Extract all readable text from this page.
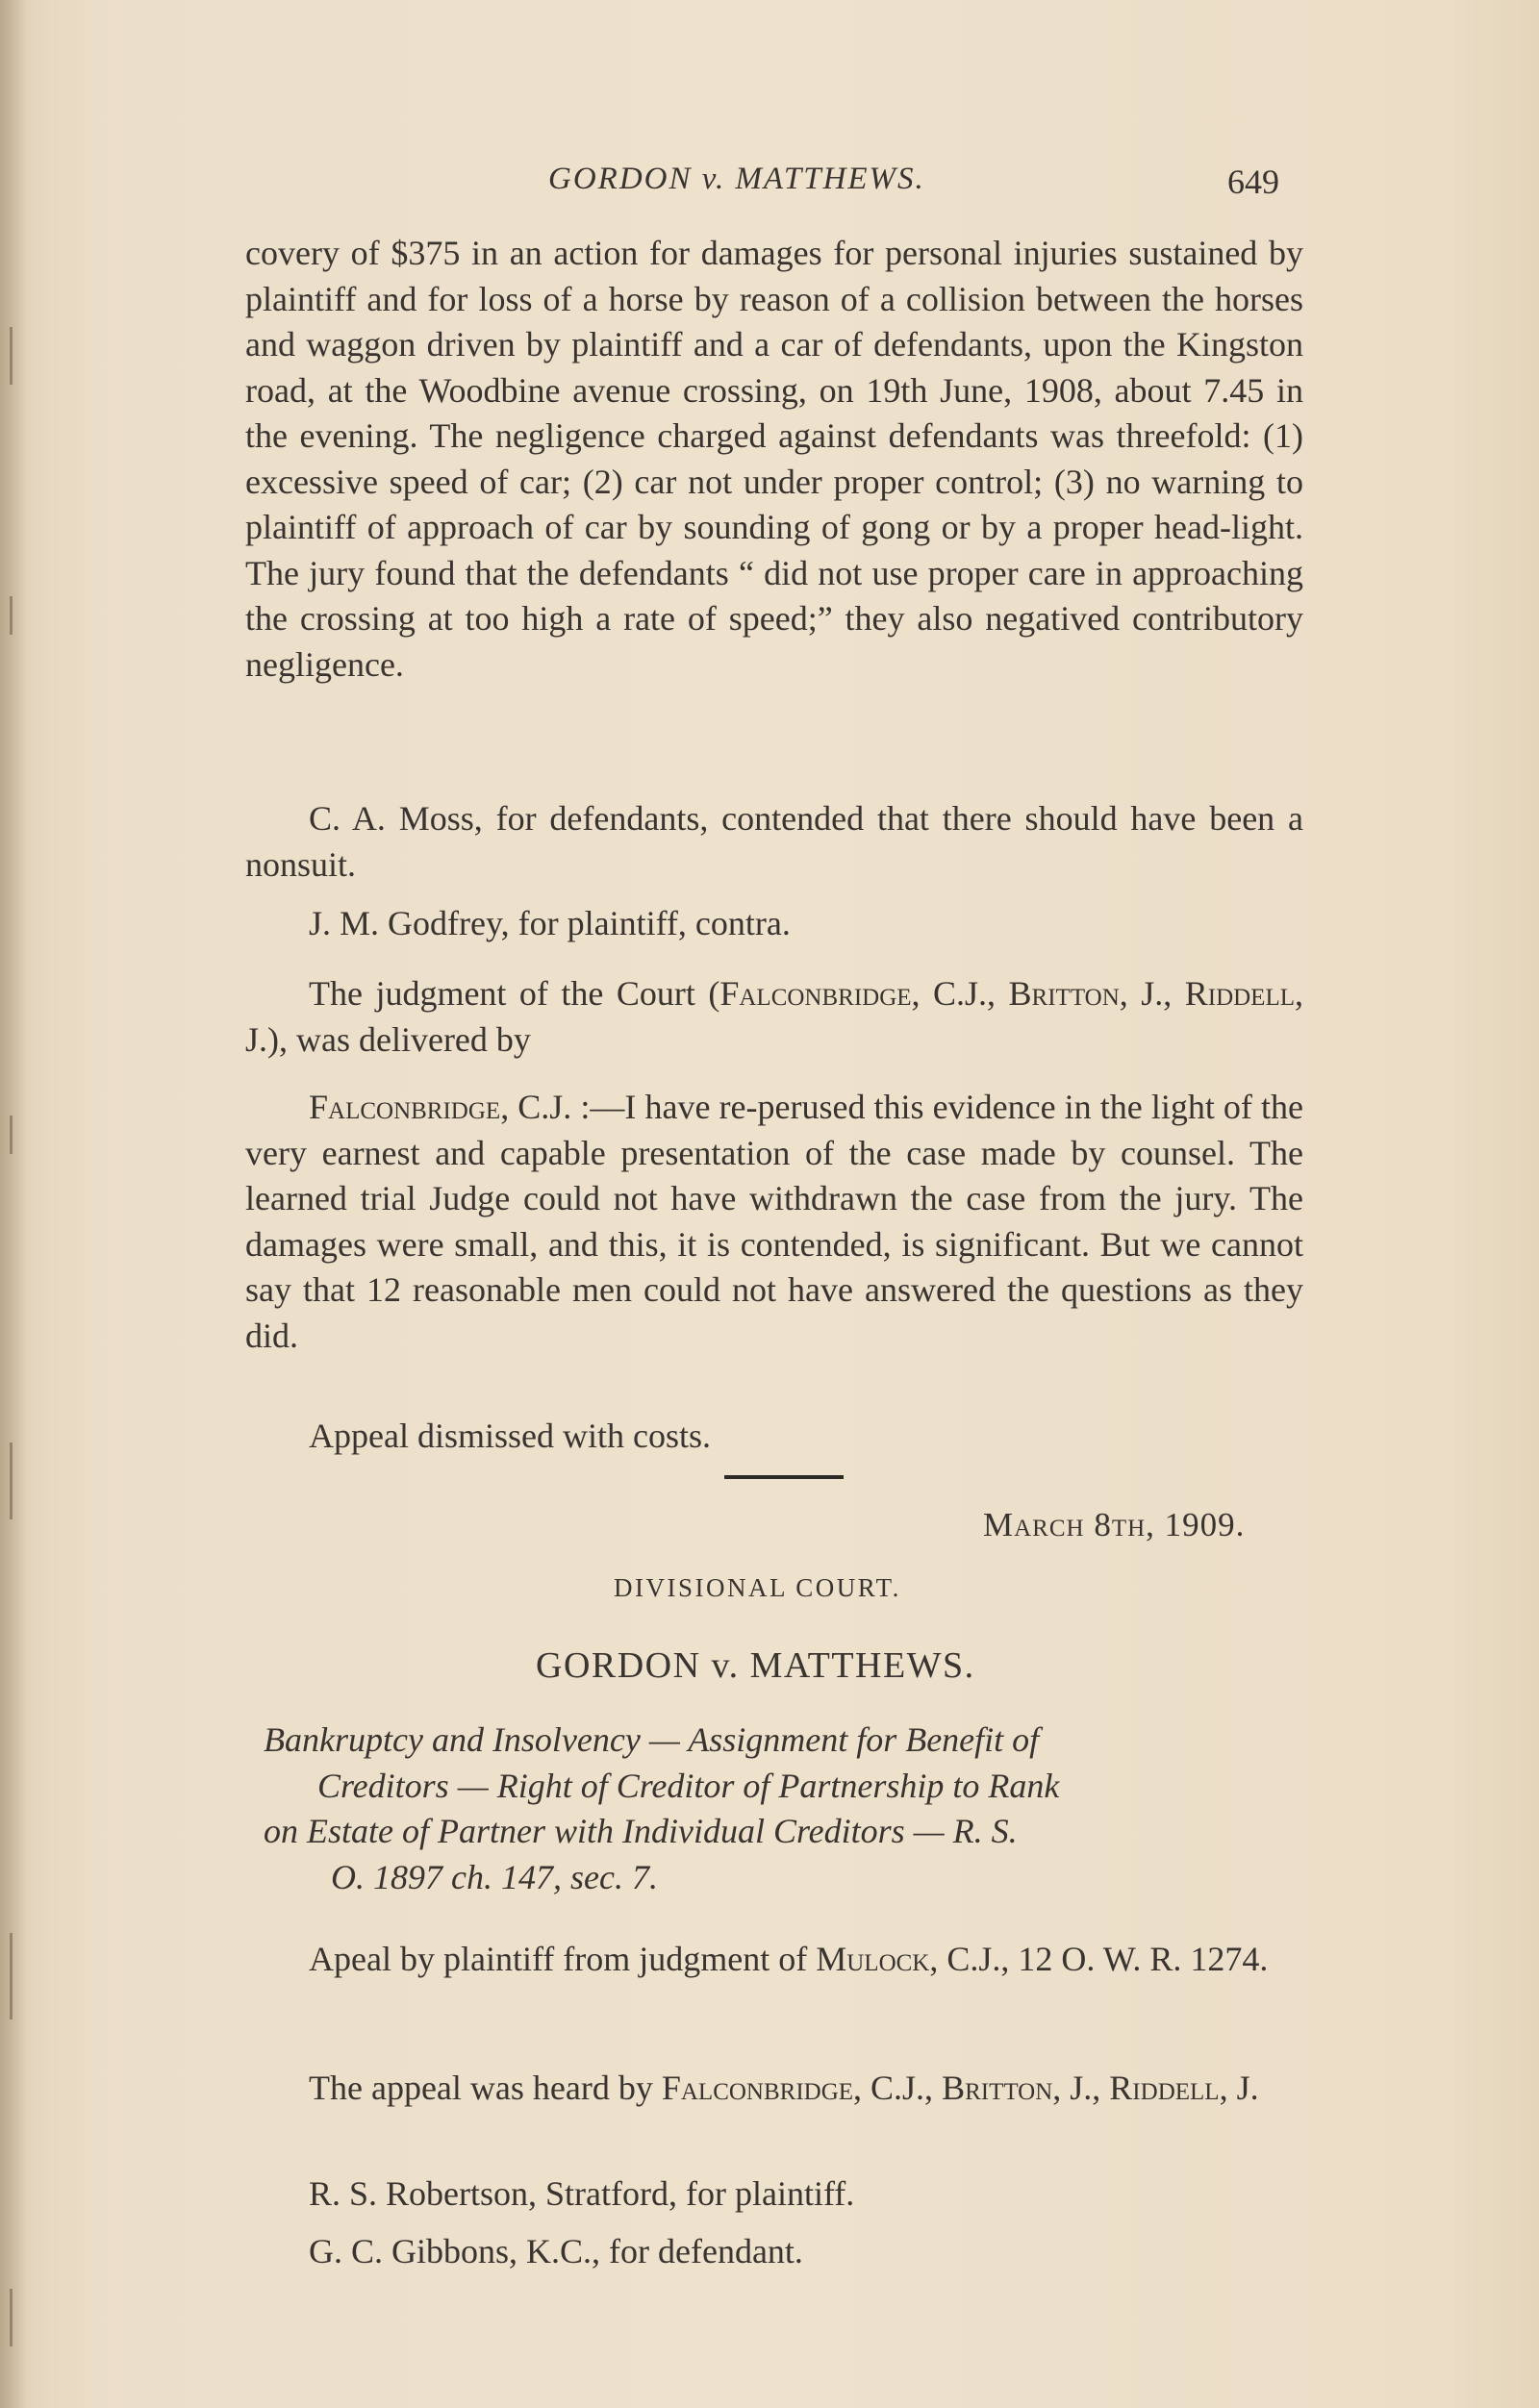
GORDON v. MATTHEWS.	649

covery of $375 in an action for damages for personal injuries sustained by plaintiff and for loss of a horse by reason of a collision between the horses and waggon driven by plaintiff and a car of defendants, upon the Kingston road, at the Woodbine avenue crossing, on 19th June, 1908, about 7.45 in the evening. The negligence charged against defendants was threefold: (1) excessive speed of car; (2) car not under proper control; (3) no warning to plaintiff of approach of car by sounding of gong or by a proper head-light. The jury found that the defendants “ did not use proper care in approaching the crossing at too high a rate of speed;” they also negatived contributory negligence.

C. A. Moss, for defendants, contended that there should have been a nonsuit.

J. M. Godfrey, for plaintiff, contra.

The judgment of the Court (Falconbridge, C.J., Britton, J., Riddell, J.), was delivered by

Falconbridge, C.J. :—I have re-perused this evidence in the light of the very earnest and capable presentation of the case made by counsel. The learned trial Judge could not have withdrawn the case from the jury. The damages were small, and this, it is contended, is significant. But we cannot say that 12 reasonable men could not have answered the questions as they did.

Appeal dismissed with costs.

March 8th, 1909.
DIVISIONAL COURT.
GORDON v. MATTHEWS.
Bankruptcy and Insolvency — Assignment for Benefit of
Creditors — Right of Creditor of Partnership to Rank
on Estate of Partner with Individual Creditors — R. S.
O. 1897 ch. 147, sec. 7.

Apeal by plaintiff from judgment of Mulock, C.J., 12 O. W. R. 1274.

The appeal was heard by Falconbridge, C.J., Britton, J., Riddell, J.

R. S. Robertson, Stratford, for plaintiff.

G. C. Gibbons, K.C., for defendant.
